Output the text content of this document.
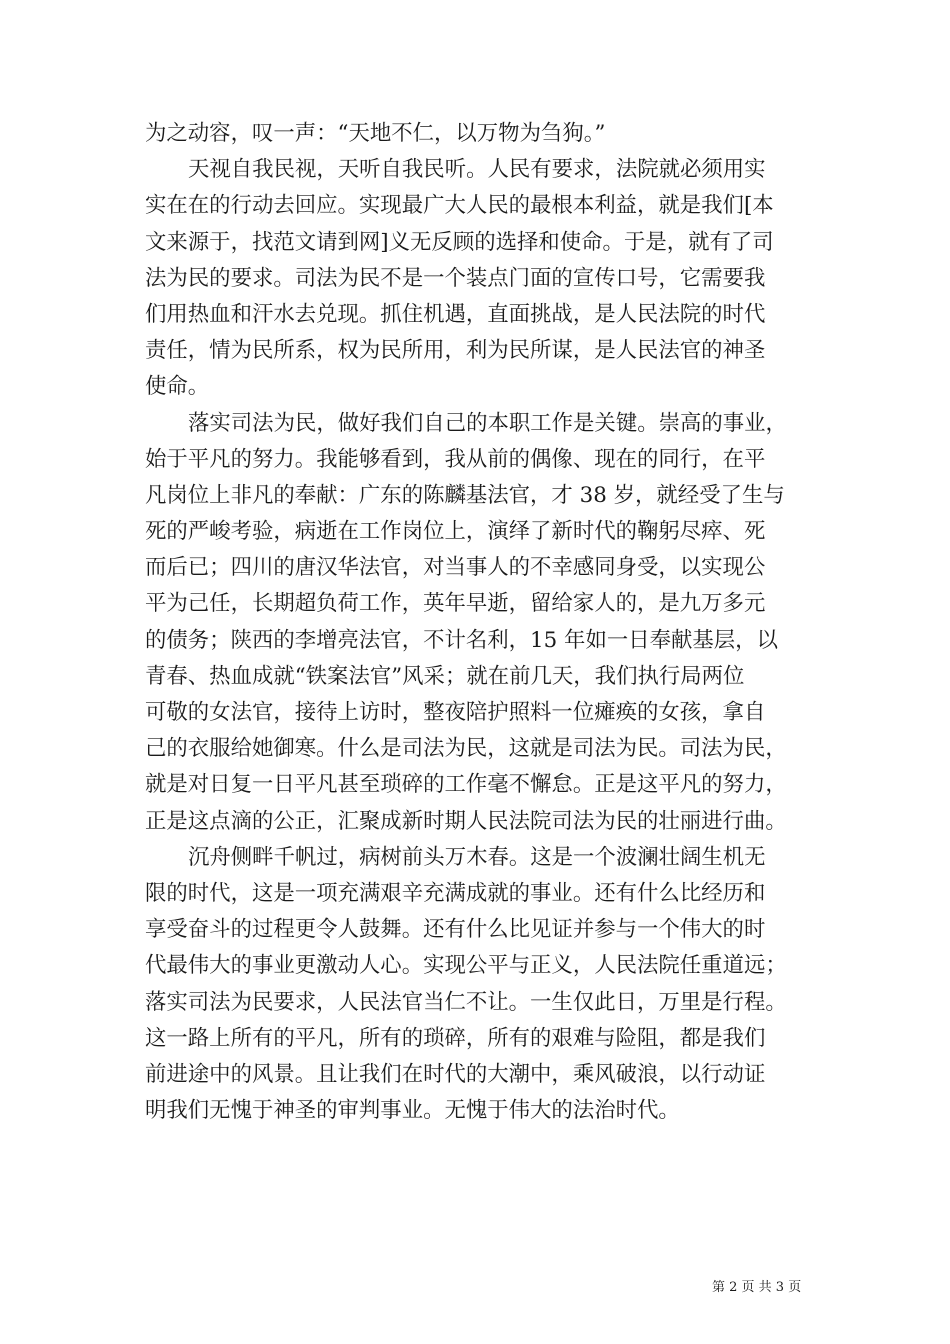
为之动容，叹一声：“天地不仁，以万物为刍狗。”

天视自我民视，天听自我民听。人民有要求，法院就必须用实
实在在的行动去回应。实现最广大人民的最根本利益，就是我们[本
文来源于，找范文请到网]义无反顾的选择和使命。于是，就有了司
法为民的要求。司法为民不是一个装点门面的宣传口号，它需要我
们用热血和汗水去兑现。抓住机遇，直面挑战，是人民法院的时代
责任，情为民所系，权为民所用，利为民所谋，是人民法官的神圣
使命。

落实司法为民，做好我们自己的本职工作是关键。崇高的事业，
始于平凡的努力。我能够看到，我从前的偶像、现在的同行，在平
凡岗位上非凡的奉献：广东的陈麟基法官，才 38 岁，就经受了生与
死的严峻考验，病逝在工作岗位上，演绎了新时代的鞠躬尽瘁、死
而后已；四川的唐汉华法官，对当事人的不幸感同身受，以实现公
平为己任，长期超负荷工作，英年早逝，留给家人的，是九万多元
的债务；陕西的李增亮法官，不计名利，15 年如一日奉献基层，以
青春、热血成就“铁案法官”风采；就在前几天，我们执行局两位
可敬的女法官，接待上访时，整夜陪护照料一位瘫痪的女孩，拿自
己的衣服给她御寒。什么是司法为民，这就是司法为民。司法为民，
就是对日复一日平凡甚至琐碎的工作毫不懈怠。正是这平凡的努力，
正是这点滴的公正，汇聚成新时期人民法院司法为民的壮丽进行曲。

沉舟侧畔千帆过，病树前头万木春。这是一个波澜壮阔生机无
限的时代，这是一项充满艰辛充满成就的事业。还有什么比经历和
享受奋斗的过程更令人鼓舞。还有什么比见证并参与一个伟大的时
代最伟大的事业更激动人心。实现公平与正义，人民法院任重道远；
落实司法为民要求，人民法官当仁不让。一生仅此日，万里是行程。
这一路上所有的平凡，所有的琐碎，所有的艰难与险阻，都是我们
前进途中的风景。且让我们在时代的大潮中，乘风破浪，以行动证
明我们无愧于神圣的审判事业。无愧于伟大的法治时代。

第 2 页 共 3 页
